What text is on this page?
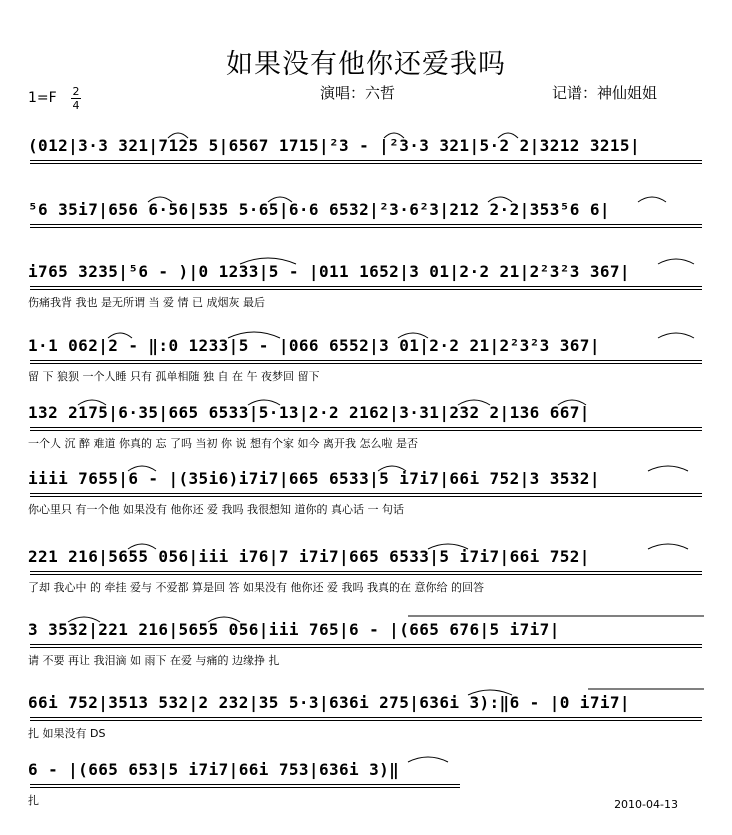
如果没有他你还爱我吗
演唱：六哲	记谱：神仙姐姐
1=F 2
4
(012|3·3 321|7125 5|6567 1715|²3 - |²3·3 321|5·2 2|3212 3215|
⁵6 35i7|656 6·56|535 5·65|6·6 6532|²3·6²3|212 2·2|353⁵6 6|
i765 3235|⁵6 - )|0 1233|5 - |011 1652|3 01|2·2 21|2²3²3 367|
伤痛我背 我也 是无所谓 当 爱 情 已 成烟灰 最后
1·1 062|2 - ‖:0 1233|5 - |066 6552|3 01|2·2 21|2²3²3 367|
留 下 狼狈 一个人睡 只有 孤单相随 独 自 在 午 夜梦回 留下
132 2175|6·35|665 6533|5·13|2·2 2162|3·31|232 2|136 667|
一个人 沉 醉 难道 你真的 忘 了吗 当初 你 说 想有个家 如今 离开我 怎么啦 是否
iiii 7655|6 - |(35i6)i7i7|665 6533|5 i7i7|66i 752|3 3532|
你心里只 有一个他 如果没有 他你还 爱 我吗 我很想知 道你的 真心话 一 句话
221 216|5655 056|iii i76|7 i7i7|665 6533|5 i7i7|66i 752|
了却 我心中 的 牵挂 爱与 不爱都 算是回 答 如果没有 他你还 爱 我吗 我真的在 意你给 的回答
3 3532|221 216|5655 056|iii 765|6 - |(665 676|5 i7i7|
请 不要 再让 我泪滴 如 雨下 在爱 与痛的 边缘挣 扎
66i 752|3513 532|2 232|35 5·3|636i 275|636i 3):‖6 - |0 i7i7|
扎 如果没有 DS
6 - |(665 653|5 i7i7|66i 753|636i 3)‖
扎	2010-04-13
